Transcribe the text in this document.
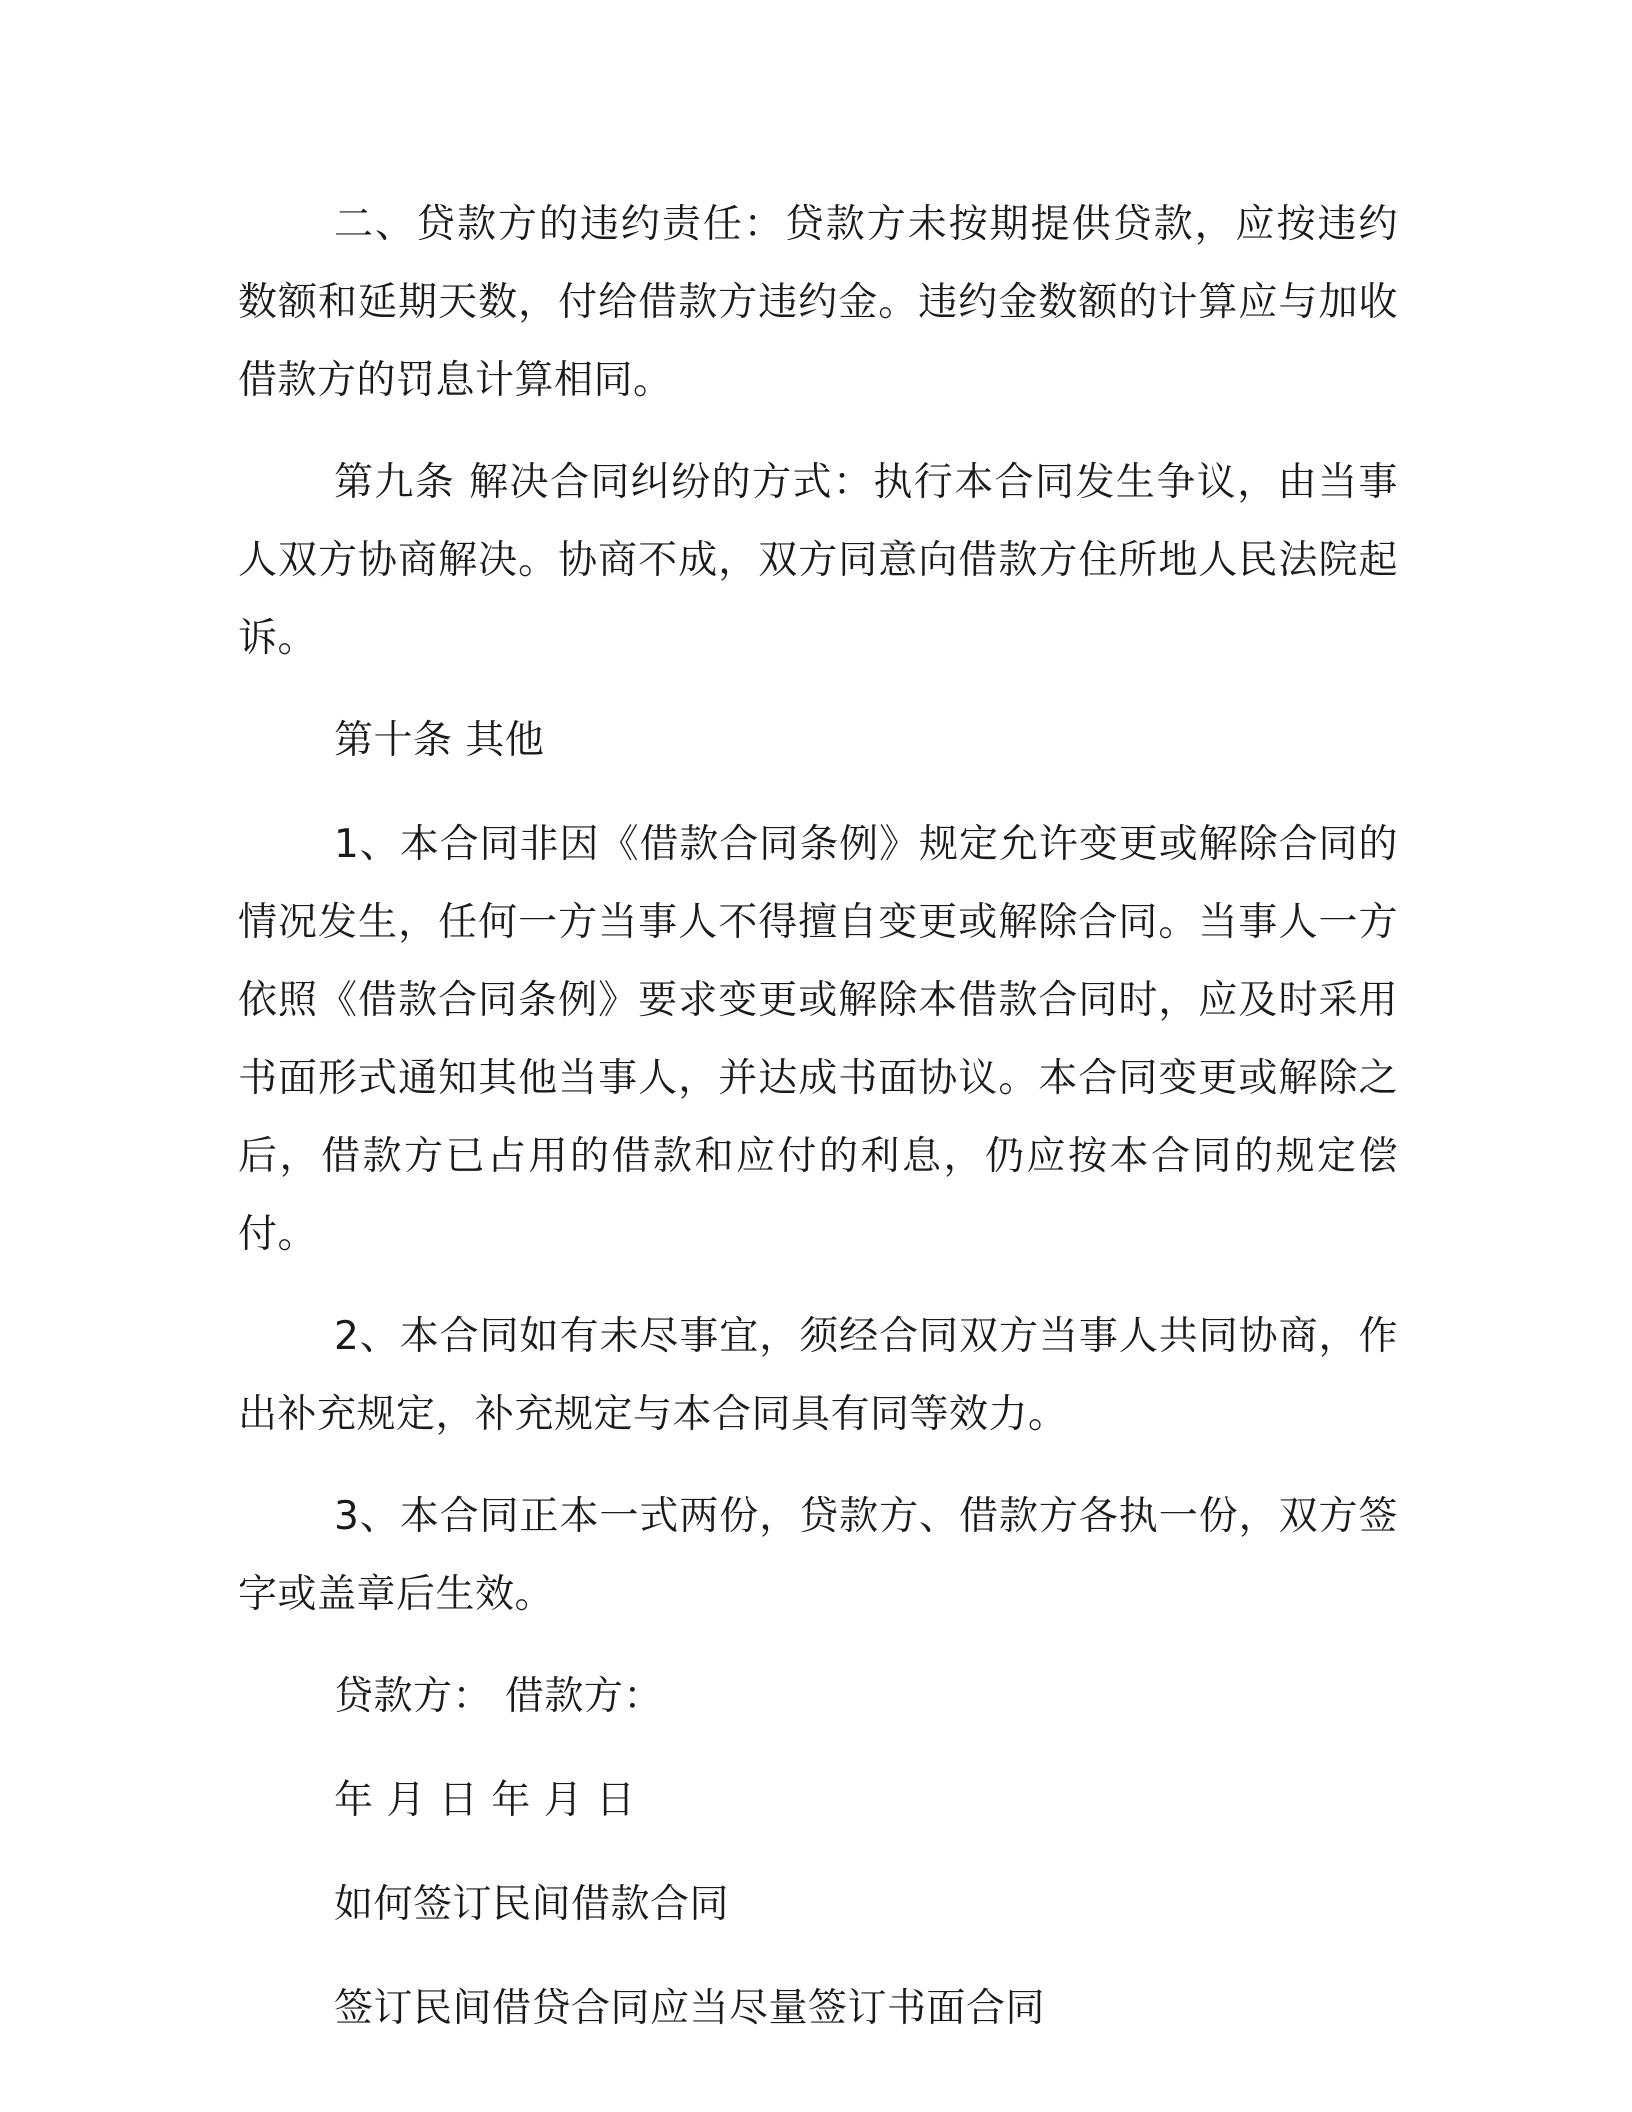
二、贷款方的违约责任：贷款方未按期提供贷款，应按违约数额和延期天数，付给借款方违约金。违约金数额的计算应与加收借款方的罚息计算相同。

第九条 解决合同纠纷的方式：执行本合同发生争议，由当事人双方协商解决。协商不成，双方同意向借款方住所地人民法院起诉。

第十条 其他

1、本合同非因《借款合同条例》规定允许变更或解除合同的情况发生，任何一方当事人不得擅自变更或解除合同。当事人一方依照《借款合同条例》要求变更或解除本借款合同时，应及时采用书面形式通知其他当事人，并达成书面协议。本合同变更或解除之后，借款方已占用的借款和应付的利息，仍应按本合同的规定偿付。

2、本合同如有未尽事宜，须经合同双方当事人共同协商，作出补充规定，补充规定与本合同具有同等效力。

3、本合同正本一式两份，贷款方、借款方各执一份，双方签字或盖章后生效。

贷款方： 借款方：

年 月 日 年 月 日

如何签订民间借款合同

签订民间借贷合同应当尽量签订书面合同
